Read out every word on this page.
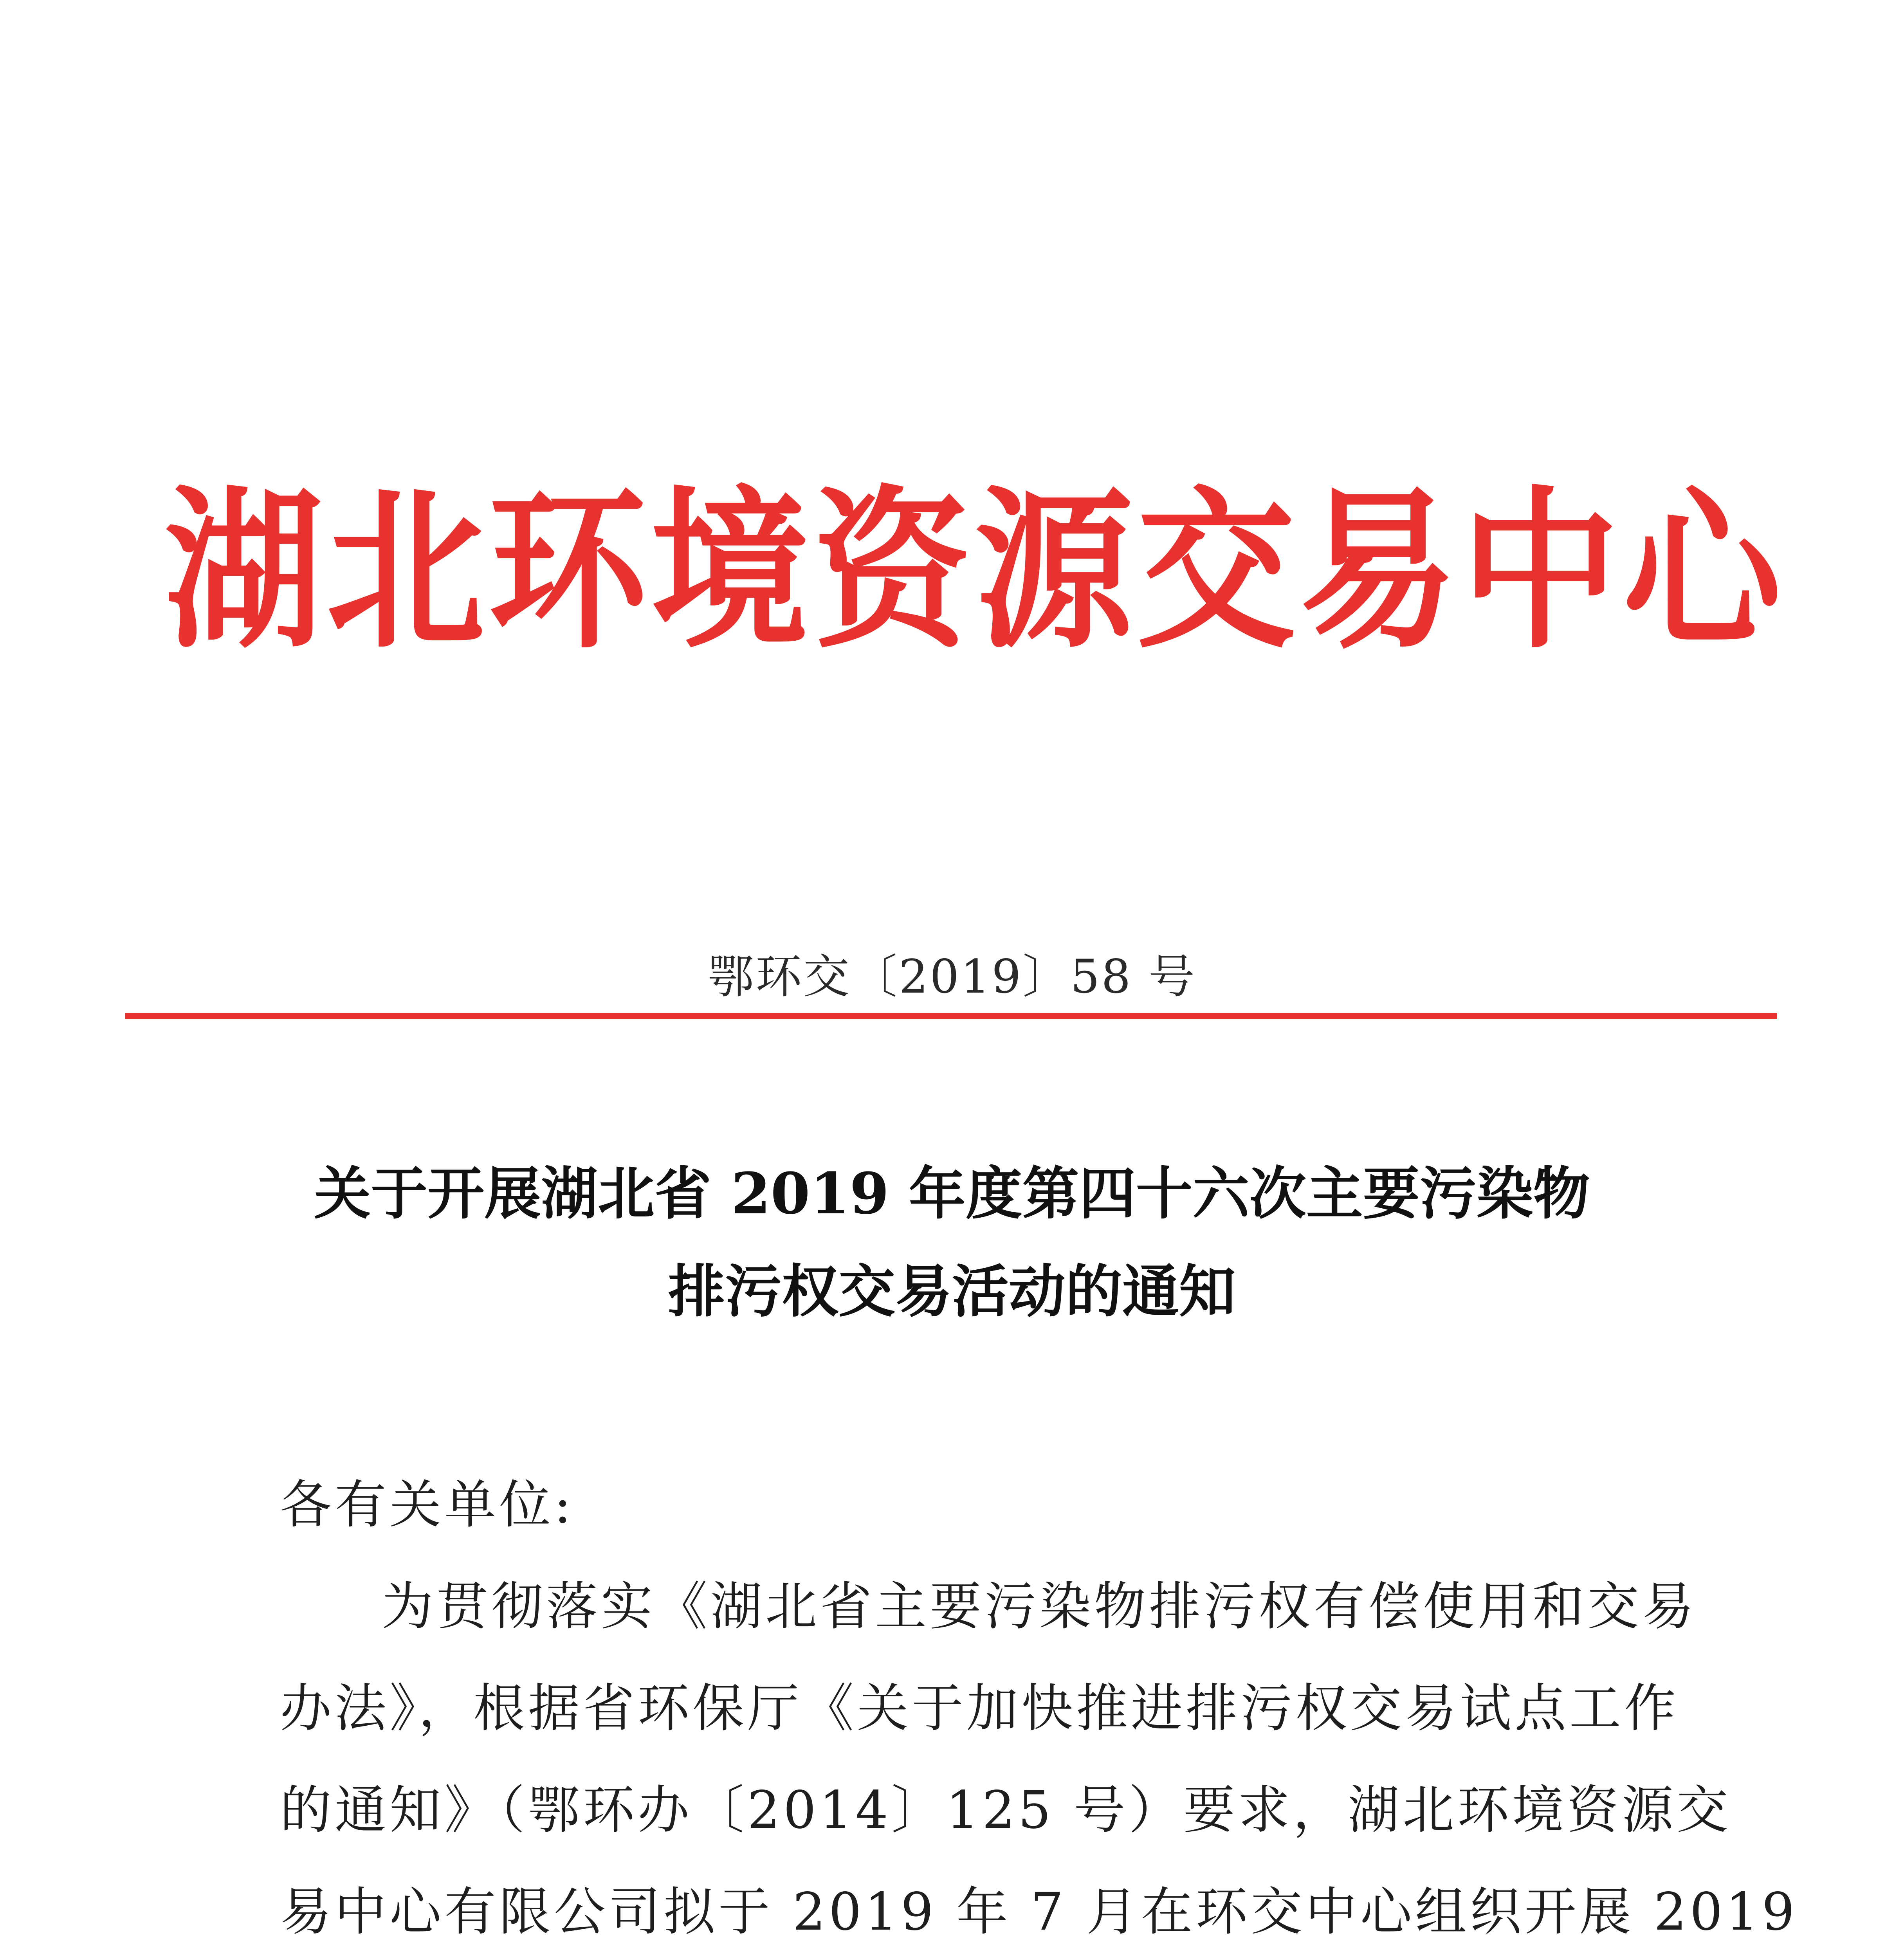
湖北环境资源交易中心
鄂环交〔2019〕58 号
关于开展湖北省 2019 年度第四十六次主要污染物
排污权交易活动的通知
各有关单位:
为贯彻落实《湖北省主要污染物排污权有偿使用和交易
办法》，根据省环保厅《关于加快推进排污权交易试点工作
的通知》（鄂环办〔2014〕125 号）要求，湖北环境资源交
易中心有限公司拟于 2019 年 7 月在环交中心组织开展 2019
